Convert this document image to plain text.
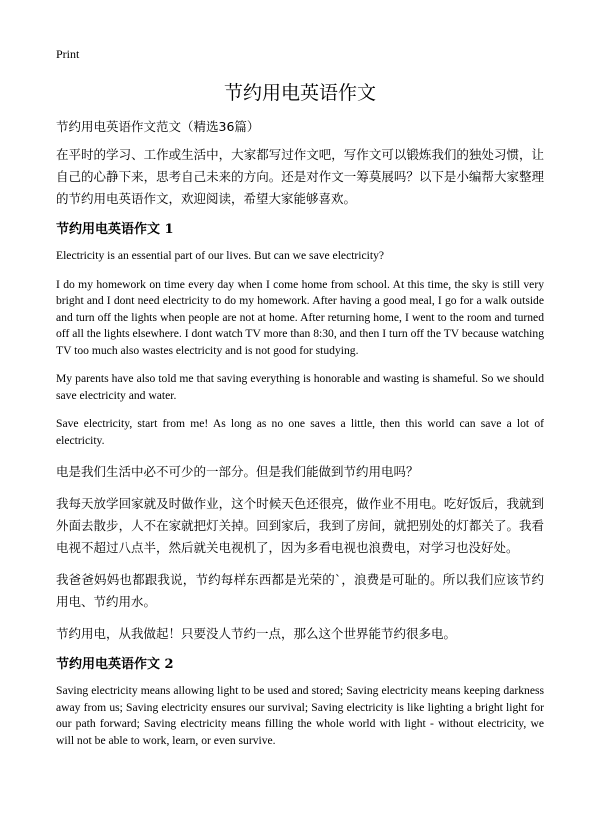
Print
节约用电英语作文

节约用电英语作文范文（精选36篇）

在平时的学习、工作或生活中，大家都写过作文吧，写作文可以锻炼我们的独处习惯，让自己的心静下来，思考自己未来的方向。还是对作文一筹莫展吗？以下是小编帮大家整理的节约用电英语作文，欢迎阅读，希望大家能够喜欢。

节约用电英语作文 1

Electricity is an essential part of our lives. But can we save electricity?

I do my homework on time every day when I come home from school. At this time, the sky is still very bright and I dont need electricity to do my homework. After having a good meal, I go for a walk outside and turn off the lights when people are not at home. After returning home, I went to the room and turned off all the lights elsewhere. I dont watch TV more than 8:30, and then I turn off the TV because watching TV too much also wastes electricity and is not good for studying.

My parents have also told me that saving everything is honorable and wasting is shameful. So we should save electricity and water.

Save electricity, start from me! As long as no one saves a little, then this world can save a lot of electricity.

电是我们生活中必不可少的一部分。但是我们能做到节约用电吗？

我每天放学回家就及时做作业，这个时候天色还很亮，做作业不用电。吃好饭后，我就到外面去散步，人不在家就把灯关掉。回到家后，我到了房间，就把别处的灯都关了。我看电视不超过八点半，然后就关电视机了，因为多看电视也浪费电，对学习也没好处。

我爸爸妈妈也都跟我说，节约每样东西都是光荣的`，浪费是可耻的。所以我们应该节约用电、节约用水。

节约用电，从我做起！只要没人节约一点，那么这个世界能节约很多电。

节约用电英语作文 2

Saving electricity means allowing light to be used and stored; Saving electricity means keeping darkness away from us; Saving electricity ensures our survival; Saving electricity is like lighting a bright light for our path forward; Saving electricity means filling the whole world with light - without electricity, we will not be able to work, learn, or even survive.
